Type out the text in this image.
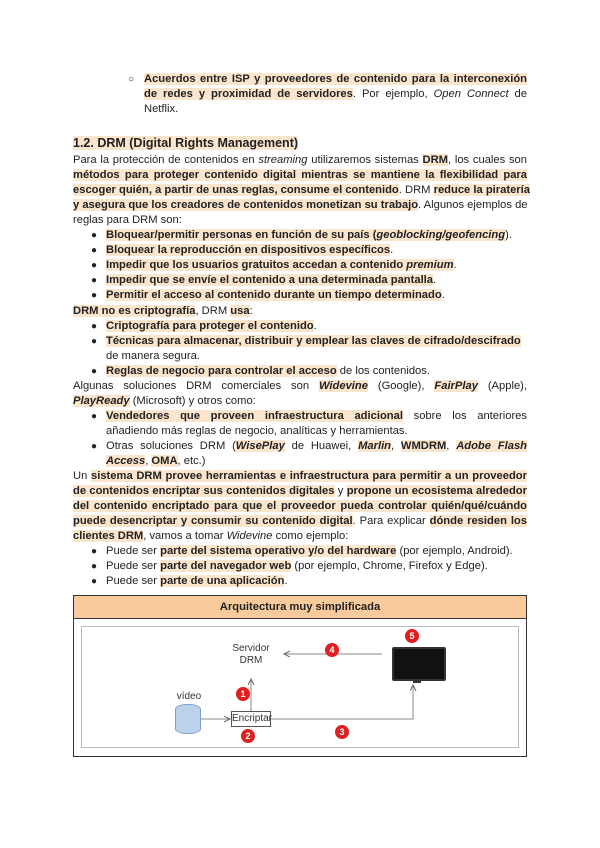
○ Acuerdos entre ISP y proveedores de contenido para la interconexión
de redes y proximidad de servidores. Por ejemplo, Open Connect de
Netflix.
1.2. DRM (Digital Rights Management)
Para la protección de contenidos en streaming utilizaremos sistemas DRM, los cuales son
métodos para proteger contenido digital mientras se mantiene la flexibilidad para
escoger quién, a partir de unas reglas, consume el contenido. DRM reduce la piratería
y asegura que los creadores de contenidos monetizan su trabajo. Algunos ejemplos de
reglas para DRM son:
● Bloquear/permitir personas en función de su país (geoblocking/geofencing).
● Bloquear la reproducción en dispositivos específicos.
● Impedir que los usuarios gratuitos accedan a contenido premium.
● Impedir que se envíe el contenido a una determinada pantalla.
● Permitir el acceso al contenido durante un tiempo determinado.
DRM no es criptografía, DRM usa:
● Criptografía para proteger el contenido.
● Técnicas para almacenar, distribuir y emplear las claves de cifrado/descifrado
de manera segura.
● Reglas de negocio para controlar el acceso de los contenidos.
Algunas soluciones DRM comerciales son Widevine (Google), FairPlay (Apple),
PlayReady (Microsoft) y otros como:
● Vendedores que proveen infraestructura adicional sobre los anteriores
añadiendo más reglas de negocio, analíticas y herramientas.
● Otras soluciones DRM (WisePlay de Huawei, Marlin, WMDRM, Adobe Flash
Access, OMA, etc.)
Un sistema DRM provee herramientas e infraestructura para permitir a un proveedor
de contenidos encriptar sus contenidos digitales y propone un ecosistema alrededor
del contenido encriptado para que el proveedor pueda controlar quién/qué/cuándo
puede desencriptar y consumir su contenido digital. Para explicar dónde residen los
clientes DRM, vamos a tomar Widevine como ejemplo:
● Puede ser parte del sistema operativo y/o del hardware (por ejemplo, Android).
● Puede ser parte del navegador web (por ejemplo, Chrome, Firefox y Edge).
● Puede ser parte de una aplicación.
Arquitectura muy simplificada
Servidor
DRM
vídeo
Encriptar
4
1
2	3
5
